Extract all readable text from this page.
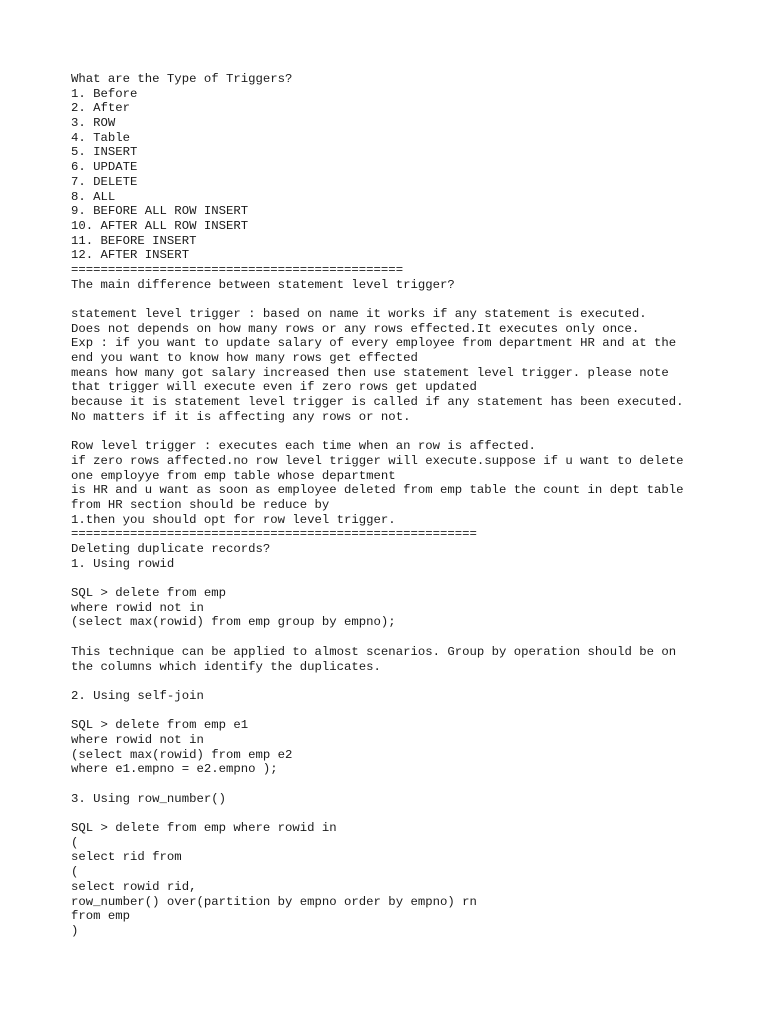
What are the Type of Triggers?
1. Before
2. After
3. ROW
4. Table
5. INSERT
6. UPDATE
7. DELETE
8. ALL
9. BEFORE ALL ROW INSERT
10. AFTER ALL ROW INSERT
11. BEFORE INSERT
12. AFTER INSERT
=============================================
The main difference between statement level trigger?
statement level trigger : based on name it works if any statement is executed.
Does not depends on how many rows or any rows effected.It executes only once.
Exp : if you want to update salary of every employee from department HR and at the
end you want to know how many rows get effected
means how many got salary increased then use statement level trigger. please note
that trigger will execute even if zero rows get updated
because it is statement level trigger is called if any statement has been executed.
No matters if it is affecting any rows or not.
Row level trigger : executes each time when an row is affected.
if zero rows affected.no row level trigger will execute.suppose if u want to delete
one employye from emp table whose department
is HR and u want as soon as employee deleted from emp table the count in dept table
from HR section should be reduce by
1.then you should opt for row level trigger.
=======================================================
Deleting duplicate records?
1. Using rowid
SQL > delete from emp
where rowid not in
(select max(rowid) from emp group by empno);
This technique can be applied to almost scenarios. Group by operation should be on
the columns which identify the duplicates.
2. Using self-join
SQL > delete from emp e1
where rowid not in
(select max(rowid) from emp e2
where e1.empno = e2.empno );
3. Using row_number()
SQL > delete from emp where rowid in
(
select rid from
(
select rowid rid,
row_number() over(partition by empno order by empno) rn
from emp
)
